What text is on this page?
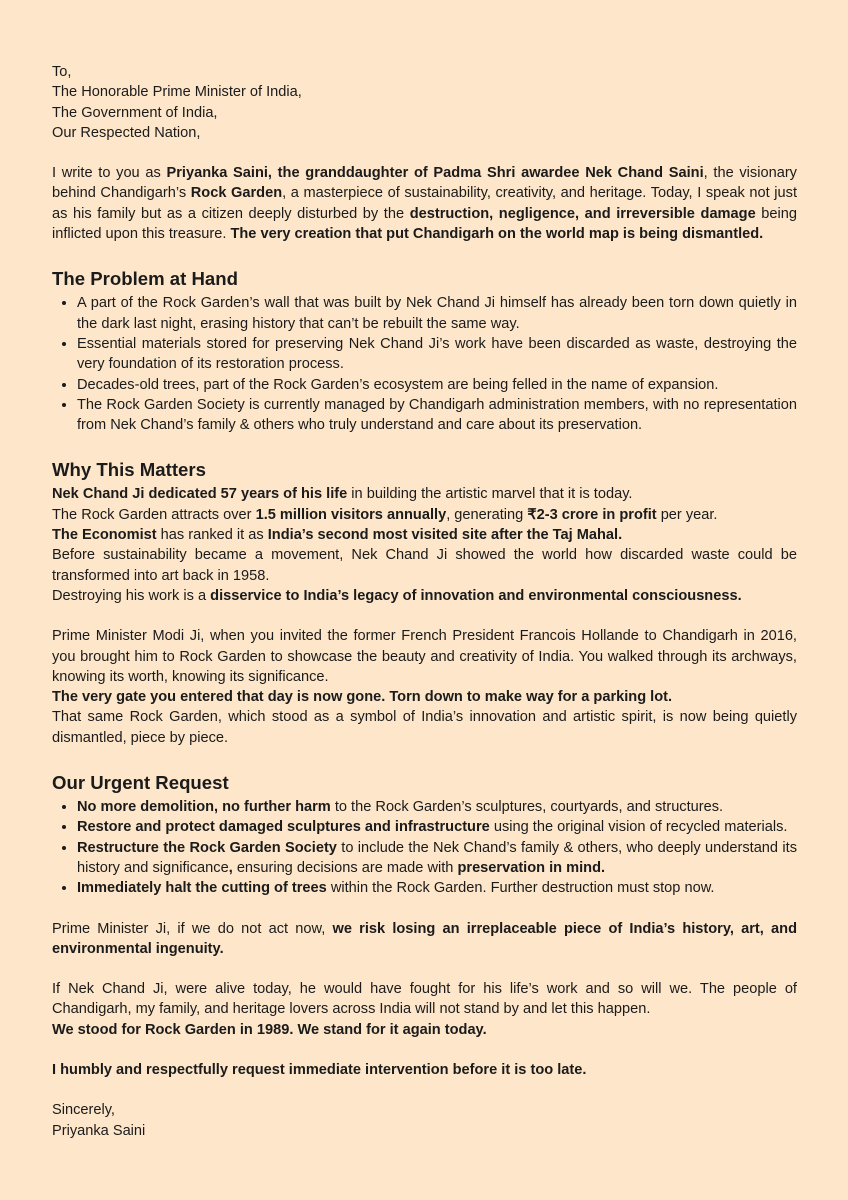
To,

The Honorable Prime Minister of India,

The Government of India,

Our Respected Nation,

I write to you as Priyanka Saini, the granddaughter of Padma Shri awardee Nek Chand Saini, the visionary behind Chandigarh’s Rock Garden, a masterpiece of sustainability, creativity, and heritage. Today, I speak not just as his family but as a citizen deeply disturbed by the destruction, negligence, and irreversible damage being inflicted upon this treasure. The very creation that put Chandigarh on the world map is being dismantled.

The Problem at Hand
• A part of the Rock Garden’s wall that was built by Nek Chand Ji himself has already been torn down quietly in the dark last night, erasing history that can’t be rebuilt the same way.
• Essential materials stored for preserving Nek Chand Ji’s work have been discarded as waste, destroying the very foundation of its restoration process.
• Decades-old trees, part of the Rock Garden’s ecosystem are being felled in the name of expansion.
• The Rock Garden Society is currently managed by Chandigarh administration members, with no representation from Nek Chand’s family & others who truly understand and care about its preservation.
Why This Matters

Nek Chand Ji dedicated 57 years of his life in building the artistic marvel that it is today.

The Rock Garden attracts over 1.5 million visitors annually, generating ₹2-3 crore in profit per year.

The Economist has ranked it as India’s second most visited site after the Taj Mahal.

Before sustainability became a movement, Nek Chand Ji showed the world how discarded waste could be transformed into art back in 1958.

Destroying his work is a disservice to India’s legacy of innovation and environmental consciousness.

Prime Minister Modi Ji, when you invited the former French President Francois Hollande to Chandigarh in 2016, you brought him to Rock Garden to showcase the beauty and creativity of India. You walked through its archways, knowing its worth, knowing its significance.

The very gate you entered that day is now gone. Torn down to make way for a parking lot.

That same Rock Garden, which stood as a symbol of India’s innovation and artistic spirit, is now being quietly dismantled, piece by piece.

Our Urgent Request
• No more demolition, no further harm to the Rock Garden’s sculptures, courtyards, and structures.
• Restore and protect damaged sculptures and infrastructure using the original vision of recycled materials.
• Restructure the Rock Garden Society to include the Nek Chand’s family & others, who deeply understand its history and significance, ensuring decisions are made with preservation in mind.
• Immediately halt the cutting of trees within the Rock Garden. Further destruction must stop now.

Prime Minister Ji, if we do not act now, we risk losing an irreplaceable piece of India’s history, art, and environmental ingenuity.

If Nek Chand Ji, were alive today, he would have fought for his life’s work and so will we. The people of Chandigarh, my family, and heritage lovers across India will not stand by and let this happen.

We stood for Rock Garden in 1989. We stand for it again today.

I humbly and respectfully request immediate intervention before it is too late.

Sincerely,

Priyanka Saini
